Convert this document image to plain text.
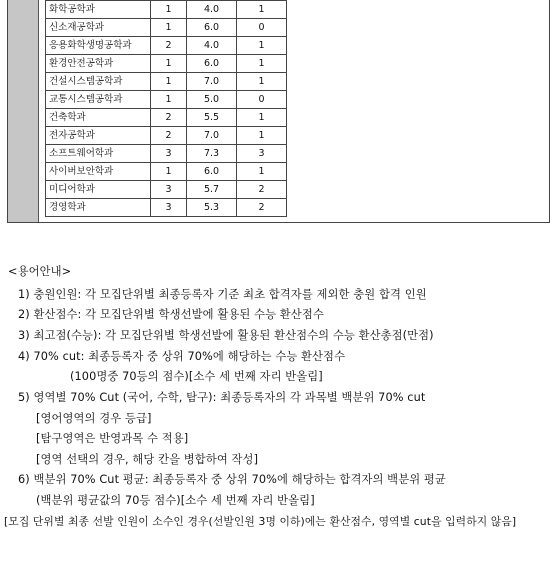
화학공학과	1	4.0	1
신소재공학과	1	6.0	0
응용화학생명공학과	2	4.0	1
환경안전공학과	1	6.0	1
건설시스템공학과	1	7.0	1
교통시스템공학과	1	5.0	0
건축학과	2	5.5	1
전자공학과	2	7.0	1
소프트웨어학과	3	7.3	3
사이버보안학과	1	6.0	1
미디어학과	3	5.7	2
경영학과	3	5.3	2
<용어안내>
1) 충원인원: 각 모집단위별 최종등록자 기준 최초 합격자를 제외한 충원 합격 인원
2) 환산점수: 각 모집단위별 학생선발에 활용된 수능 환산점수
3) 최고점(수능): 각 모집단위별 학생선발에 활용된 환산점수의 수능 환산총점(만점)
4) 70% cut: 최종등록자 중 상위 70%에 해당하는 수능 환산점수
(100명중 70등의 점수)[소수 세 번째 자리 반올림]
5) 영역별 70% Cut (국어, 수학, 탐구): 최종등록자의 각 과목별 백분위 70% cut
[영어영역의 경우 등급]
[탐구영역은 반영과목 수 적용]
[영역 선택의 경우, 해당 칸을 병합하여 작성]
6) 백분위 70% Cut 평균: 최종등록자 중 상위 70%에 해당하는 합격자의 백분위 평균
(백분위 평균값의 70등 점수)[소수 세 번째 자리 반올림]
[모집 단위별 최종 선발 인원이 소수인 경우(선발인원 3명 이하)에는 환산점수, 영역별 cut을 입력하지 않음]
